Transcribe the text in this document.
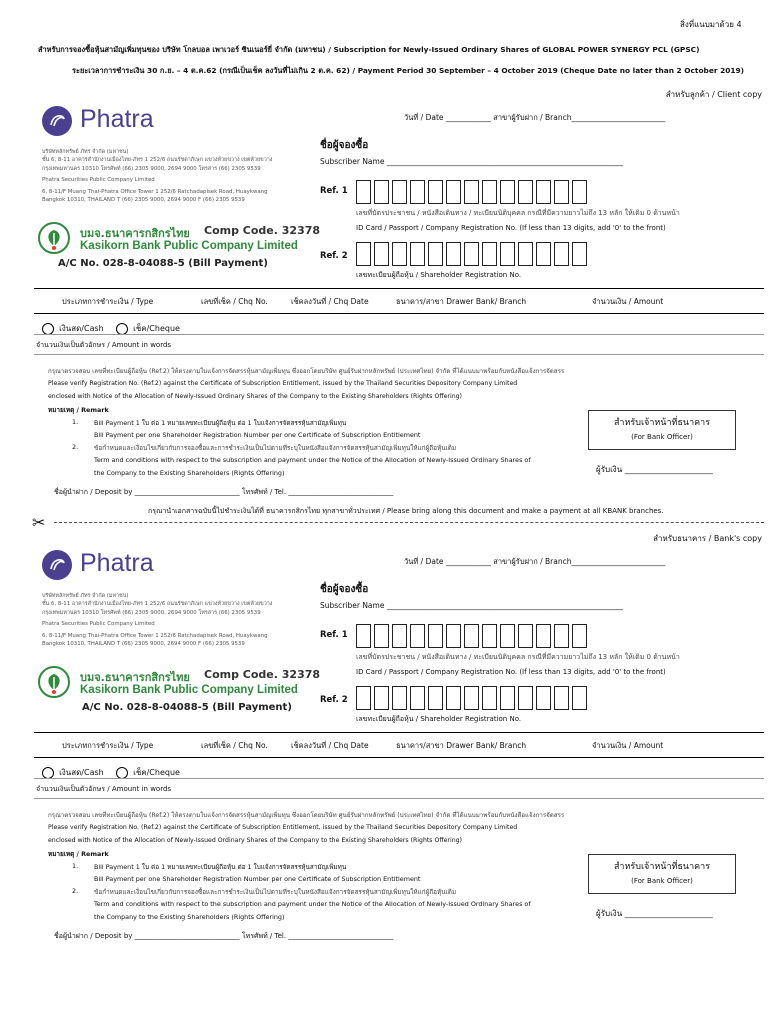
สิ่งที่แนบมาด้วย 4
สำหรับการจองซื้อหุ้นสามัญเพิ่มทุนของ บริษัท โกลบอล เพาเวอร์ ซินเนอร์ยี่ จำกัด (มหาชน) / Subscription for Newly-Issued Ordinary Shares of GLOBAL POWER SYNERGY PCL (GPSC)
ระยะเวลาการชำระเงิน 30 ก.ย. – 4 ต.ค.62 (กรณีเป็นเช็ค ลงวันที่ไม่เกิน 2 ต.ค. 62) / Payment Period 30 September – 4 October 2019 (Cheque Date no later than 2 October 2019)
สำหรับลูกค้า / Client copy
วันที่ / Date ____________ สาขาผู้รับฝาก / Branch_________________________
Phatra
บริษัทหลักทรัพย์ ภัทร จำกัด (มหาชน)
ชั้น 6, 8-11 อาคารสำนักงานเมืองไทย-ภัทร 1 252/6 ถนนรัชดาภิเษก แขวงห้วยขวาง เขตห้วยขวาง
กรุงเทพมหานคร 10310 โทรศัพท์ (66) 2305 9000, 2694 9000 โทรสาร (66) 2305 9539
Phatra Securities Public Company Limited
6, 8-11/F Muang Thai-Phatra Office Tower 1 252/6 Ratchadapisek Road, Huaykwang
Bangkok 10310, THAILAND T (66) 2305 9000, 2694 9000 F (66) 2305 9539
บมจ.ธนาคารกสิกรไทย Comp Code. 32378
Kasikorn Bank Public Company Limited
A/C No. 028-8-04088-5 (Bill Payment)
ชื่อผู้จองซื้อ
Subscriber Name _______________________________________________________________
Ref. 1
เลขที่บัตรประชาชน / หนังสือเดินทาง / ทะเบียนนิติบุคคล กรณีที่มีความยาวไม่ถึง 13 หลัก ให้เติม 0 ด้านหน้า
ID Card / Passport / Company Registration No. (If less than 13 digits, add '0' to the front)
Ref. 2
เลขทะเบียนผู้ถือหุ้น / Shareholder Registration No.
ประเภทการชำระเงิน / Type	เลขที่เช็ค / Chq No.	เช็คลงวันที่ / Chq Date	ธนาคาร/สาขา Drawer Bank/ Branch	จำนวนเงิน / Amount
เงินสด/Cash	เช็ค/Cheque
จำนวนเงินเป็นตัวอักษร / Amount in words
กรุณาตรวจสอบ เลขที่ทะเบียนผู้ถือหุ้น (Ref.2) ให้ตรงตามใบแจ้งการจัดสรรหุ้นสามัญเพิ่มทุน ซึ่งออกโดยบริษัท ศูนย์รับฝากหลักทรัพย์ (ประเทศไทย) จำกัด ที่ได้แนบมาพร้อมกับหนังสือแจ้งการจัดสรร
Please verify Registration No. (Ref.2) against the Certificate of Subscription Entitlement, issued by the Thailand Securities Depository Company Limited
enclosed with Notice of the Allocation of Newly-Issued Ordinary Shares of the Company to the Existing Shareholders (Rights Offering)
หมายเหตุ / Remark
1. Bill Payment 1 ใบ ต่อ 1 หมายเลขทะเบียนผู้ถือหุ้น ต่อ 1 ใบแจ้งการจัดสรรหุ้นสามัญเพิ่มทุน
Bill Payment per one Shareholder Registration Number per one Certificate of Subscription Entitlement
2. ข้อกำหนดและเงื่อนไขเกี่ยวกับการจองซื้อและการชำระเงินเป็นไปตามที่ระบุในหนังสือแจ้งการจัดสรรหุ้นสามัญเพิ่มทุนให้แก่ผู้ถือหุ้นเดิม
Term and conditions with respect to the subscription and payment under the Notice of the Allocation of Newly-Issued Ordinary Shares of
the Company to the Existing Shareholders (Rights Offering)
สำหรับเจ้าหน้าที่ธนาคาร
(For Bank Officer)
ผู้รับเงิน ______________________
ชื่อผู้นำฝาก / Deposit by ______________________________ โทรศัพท์ / Tel. ______________________________
กรุณานำเอกสารฉบับนี้ไปชำระเงินได้ที่ ธนาคารกสิกรไทย ทุกสาขาทั่วประเทศ / Please bring along this document and make a payment at all KBANK branches.
สำหรับธนาคาร / Bank's copy
วันที่ / Date ____________ สาขาผู้รับฝาก / Branch_________________________
Phatra
บริษัทหลักทรัพย์ ภัทร จำกัด (มหาชน)
ชั้น 6, 8-11 อาคารสำนักงานเมืองไทย-ภัทร 1 252/6 ถนนรัชดาภิเษก แขวงห้วยขวาง เขตห้วยขวาง
กรุงเทพมหานคร 10310 โทรศัพท์ (66) 2305 9000, 2694 9000 โทรสาร (66) 2305 9539
Phatra Securities Public Company Limited
6, 8-11/F Muang Thai-Phatra Office Tower 1 252/6 Ratchadapisek Road, Huaykwang
Bangkok 10310, THAILAND T (66) 2305 9000, 2694 9000 F (66) 2305 9539
บมจ.ธนาคารกสิกรไทย Comp Code. 32378
Kasikorn Bank Public Company Limited
A/C No. 028-8-04088-5 (Bill Payment)
ชื่อผู้จองซื้อ
Subscriber Name _______________________________________________________________
Ref. 1
เลขที่บัตรประชาชน / หนังสือเดินทาง / ทะเบียนนิติบุคคล กรณีที่มีความยาวไม่ถึง 13 หลัก ให้เติม 0 ด้านหน้า
ID Card / Passport / Company Registration No. (If less than 13 digits, add '0' to the front)
Ref. 2
เลขทะเบียนผู้ถือหุ้น / Shareholder Registration No.
ประเภทการชำระเงิน / Type	เลขที่เช็ค / Chq No.	เช็คลงวันที่ / Chq Date	ธนาคาร/สาขา Drawer Bank/ Branch	จำนวนเงิน / Amount
เงินสด/Cash	เช็ค/Cheque
จำนวนเงินเป็นตัวอักษร / Amount in words
กรุณาตรวจสอบ เลขที่ทะเบียนผู้ถือหุ้น (Ref.2) ให้ตรงตามใบแจ้งการจัดสรรหุ้นสามัญเพิ่มทุน ซึ่งออกโดยบริษัท ศูนย์รับฝากหลักทรัพย์ (ประเทศไทย) จำกัด ที่ได้แนบมาพร้อมกับหนังสือแจ้งการจัดสรร
Please verify Registration No. (Ref.2) against the Certificate of Subscription Entitlement, issued by the Thailand Securities Depository Company Limited
enclosed with Notice of the Allocation of Newly-Issued Ordinary Shares of the Company to the Existing Shareholders (Rights Offering)
หมายเหตุ / Remark
1. Bill Payment 1 ใบ ต่อ 1 หมายเลขทะเบียนผู้ถือหุ้น ต่อ 1 ใบแจ้งการจัดสรรหุ้นสามัญเพิ่มทุน
Bill Payment per one Shareholder Registration Number per one Certificate of Subscription Entitlement
2. ข้อกำหนดและเงื่อนไขเกี่ยวกับการจองซื้อและการชำระเงินเป็นไปตามที่ระบุในหนังสือแจ้งการจัดสรรหุ้นสามัญเพิ่มทุนให้แก่ผู้ถือหุ้นเดิม
Term and conditions with respect to the subscription and payment under the Notice of the Allocation of Newly-Issued Ordinary Shares of
the Company to the Existing Shareholders (Rights Offering)
สำหรับเจ้าหน้าที่ธนาคาร
(For Bank Officer)
ผู้รับเงิน ______________________
ชื่อผู้นำฝาก / Deposit by ______________________________ โทรศัพท์ / Tel. ______________________________
✂
